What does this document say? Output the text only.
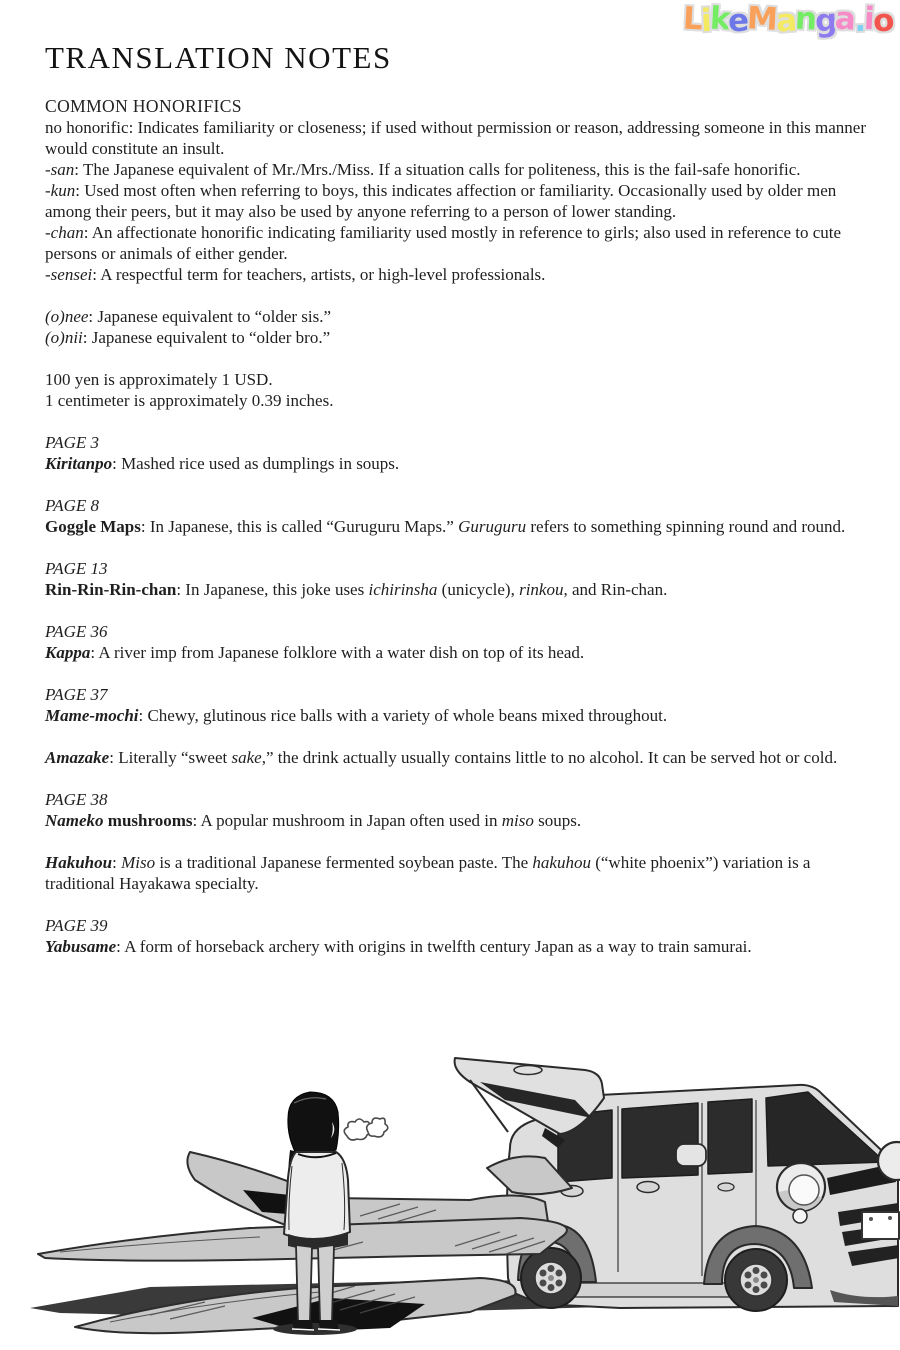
LikeManga.io
TRANSLATION NOTES
COMMON HONORIFICS

no honorific: Indicates familiarity or closeness; if used without permission or reason, addressing someone in this manner would constitute an insult.

-san: The Japanese equivalent of Mr./Mrs./Miss. If a situation calls for politeness, this is the fail-safe honorific.

-kun: Used most often when referring to boys, this indicates affection or familiarity. Occasionally used by older men among their peers, but it may also be used by anyone referring to a person of lower standing.

-chan: An affectionate honorific indicating familiarity used mostly in reference to girls; also used in reference to cute persons or animals of either gender.

-sensei: A respectful term for teachers, artists, or high-level professionals.

(o)nee: Japanese equivalent to “older sis.”

(o)nii: Japanese equivalent to “older bro.”

100 yen is approximately 1 USD.

1 centimeter is approximately 0.39 inches.

PAGE 3

Kiritanpo: Mashed rice used as dumplings in soups.

PAGE 8

Goggle Maps: In Japanese, this is called “Guruguru Maps.” Guruguru refers to something spinning round and round.

PAGE 13

Rin-Rin-Rin-chan: In Japanese, this joke uses ichirinsha (unicycle), rinkou, and Rin-chan.

PAGE 36

Kappa: A river imp from Japanese folklore with a water dish on top of its head.

PAGE 37

Mame-mochi: Chewy, glutinous rice balls with a variety of whole beans mixed throughout.

Amazake: Literally “sweet sake,” the drink actually usually contains little to no alcohol. It can be served hot or cold.

PAGE 38

Nameko mushrooms: A popular mushroom in Japan often used in miso soups.

Hakuhou: Miso is a traditional Japanese fermented soybean paste. The hakuhou (“white phoenix”) variation is a traditional Hayakawa specialty.

PAGE 39

Yabusame: A form of horseback archery with origins in twelfth century Japan as a way to train samurai.
